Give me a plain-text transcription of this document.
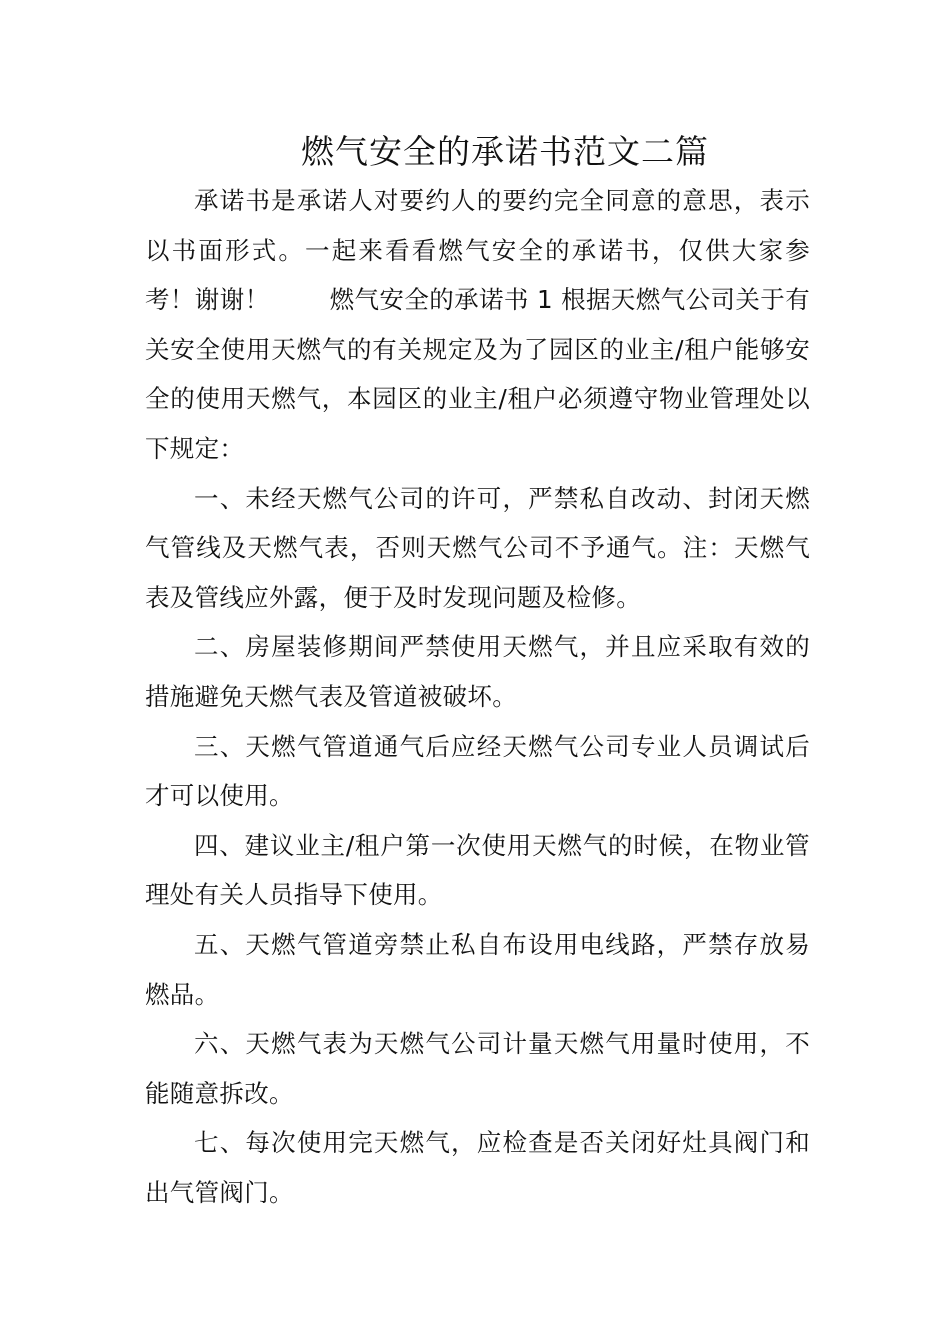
燃气安全的承诺书范文二篇

承诺书是承诺人对要约人的要约完全同意的意思，表示以书面形式。一起来看看燃气安全的承诺书，仅供大家参考！谢谢！ 燃气安全的承诺书 1 根据天燃气公司关于有关安全使用天燃气的有关规定及为了园区的业主/租户能够安全的使用天燃气，本园区的业主/租户必须遵守物业管理处以下规定：

一、未经天燃气公司的许可，严禁私自改动、封闭天燃气管线及天燃气表，否则天燃气公司不予通气。注：天燃气表及管线应外露，便于及时发现问题及检修。

二、房屋装修期间严禁使用天燃气，并且应采取有效的措施避免天燃气表及管道被破坏。

三、天燃气管道通气后应经天燃气公司专业人员调试后才可以使用。

四、建议业主/租户第一次使用天燃气的时候，在物业管理处有关人员指导下使用。

五、天燃气管道旁禁止私自布设用电线路，严禁存放易燃品。

六、天燃气表为天燃气公司计量天燃气用量时使用，不能随意拆改。

七、每次使用完天燃气，应检查是否关闭好灶具阀门和出气管阀门。
